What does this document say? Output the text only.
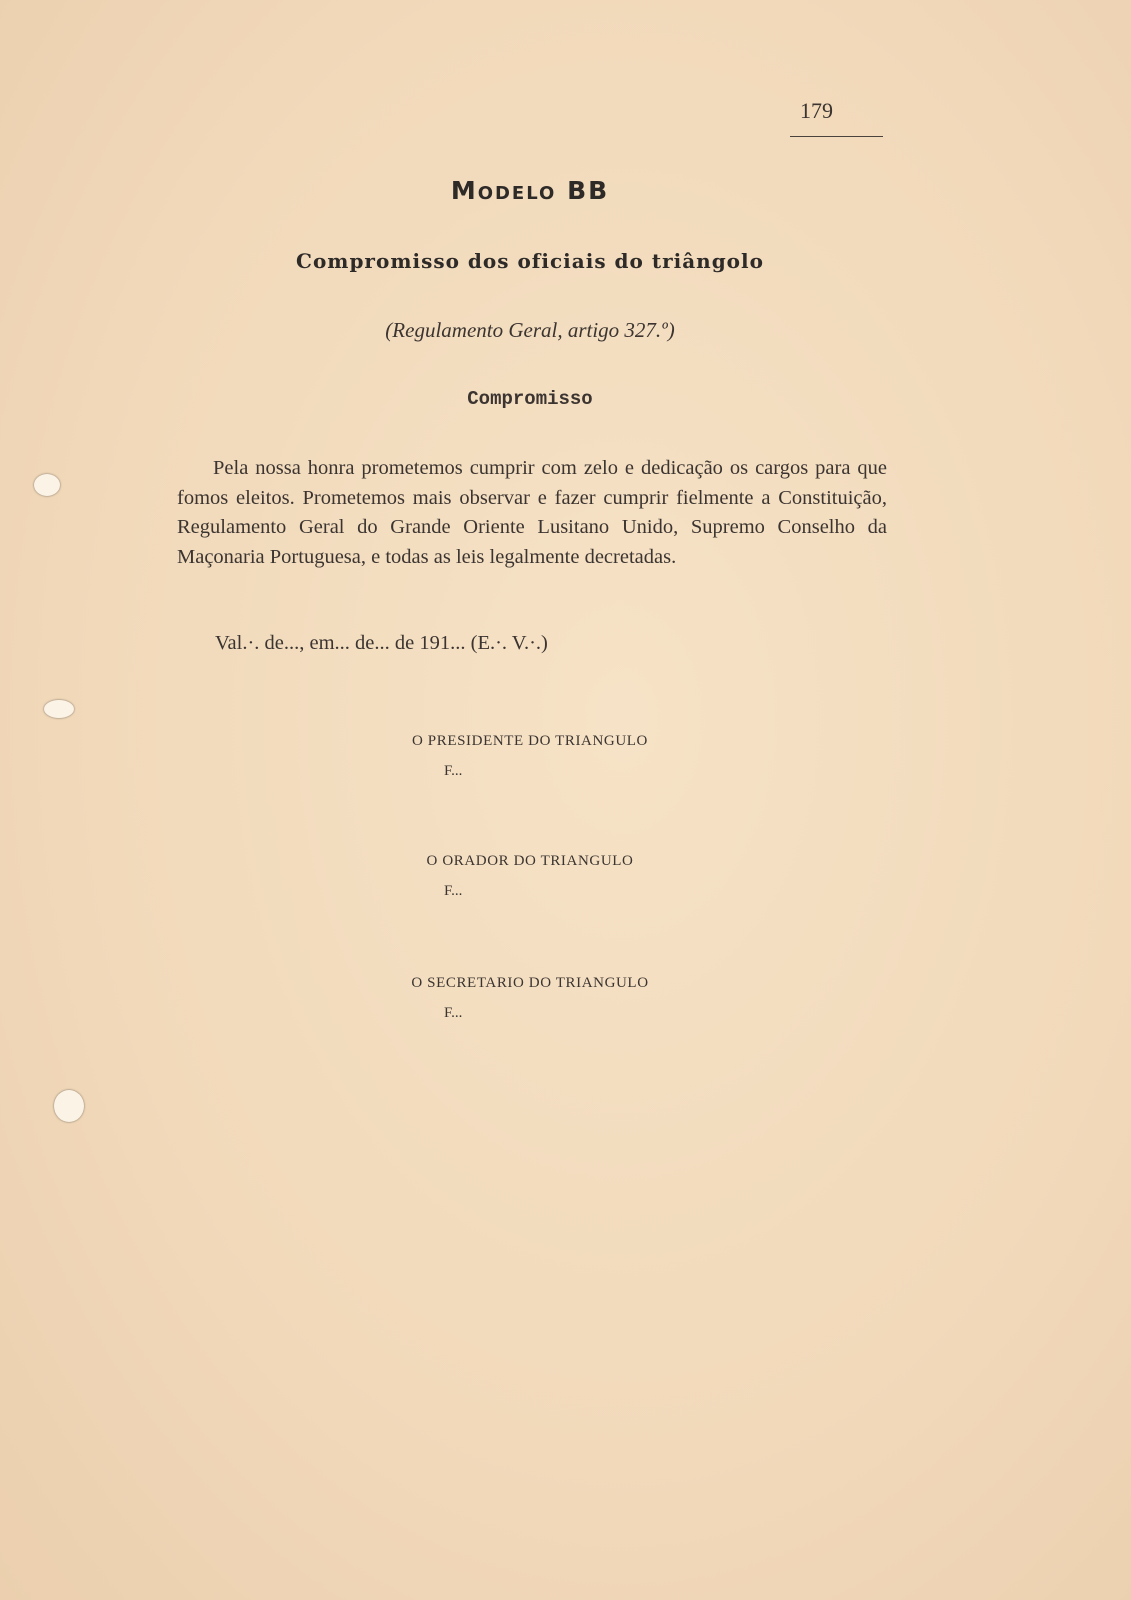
179
Modelo BB
Compromisso dos oficiais do triângolo
(Regulamento Geral, artigo 327.º)
Compromisso
Pela nossa honra prometemos cumprir com zelo e dedicação os cargos para que fomos eleitos. Prometemos mais observar e fazer cumprir fielmente a Constituição, Regulamento Geral do Grande Oriente Lusitano Unido, Supremo Conselho da Maçonaria Portuguesa, e todas as leis legalmente decretadas.
Val.·. de..., em... de... de 191... (E.·. V.·.)
O PRESIDENTE DO TRIANGULO
F...
O ORADOR DO TRIANGULO
F...
O SECRETARIO DO TRIANGULO
F...
